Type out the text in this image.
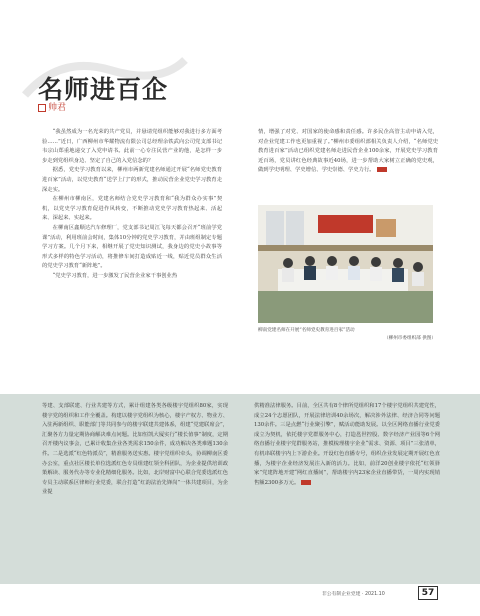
名师进百企
帅君

“我虽然成为一名光荣的共产党员，并悬请党组织能够对我进行多方面考验……”近日，广西柳州市华耀物流有限公司总经理余铁武向公司党支部书记韦宗山郑重地递交了入党申请书。此前一心专注民营产业的他，是怎样一步步走到党组织身边、坚定了自己的入党信念的？

据悉，党史学习教育以来，柳州市两新党建名师通过开展“名师党史教育进百家”活动，以党史教育“送学上门”的形式，推动民营企业党史学习教育走深走实。

在柳州市柳南区，党建名师结合党史学习教育和“我为群众办实事”契机，以党史学习教育促进作风转变，不断推动党史学习教育热起来、活起来、深起来、实起来。

在柳南区鑫顺达汽车修理厂，党支部书记周江飞每天都会召开“班前学党课”活动，利用班前会时间，集体10分钟的党史学习教育，并由班组制定专题学习方案。几个月下来，相继开展了党史知识测试，我身边的党史小故事等形式多样的特色学习活动，将推修车间打造成贴近一线，贴近党员群众生活的党史学习教育“新阵地”。

“党史学习教育，进一步激发了民营企业家干事创业热

情，增强了对党、对国家的使命感和责任感。许多民企高管主动申请入党，对企业党建工作也更加重视了。”柳州市委组织部相关负责人介绍，“名师党史教育进百家”活动已组织党建名师走进民营企业100余家，开展党史学习教育近百场，党员讲红色经典故事近40场，进一步帮助大家树立正确的党史观，做到学史明理、学史增信、学史崇德、学史力行。

柳南党建名师在开展“名师党史教育进百家”活动
（柳州市委组织部 供图）

等建、支部联建、行业共建等方式，累计组建各类各级楼宇党组织80家，实现楼宇党的组织和工作全覆盖。构建以楼宇党组织为核心，楼宇产权方、物业方、入驻两新组织、职能部门等共同参与的楼宇联建共建体系，组建“党建联席会”，汇聚各方力量定期协商解决难点问题。比如恒凯大厦实行“楼长值事”制度，定期召开楼内议事会，已累计收集企业各类需求150余件，成功解决各类难题130余件。二是选派“红色特派员”，精准服务送实惠。楼宇党组织牵头，协调柳南区委办公室，重点社区楼长单位选派红色专员组建红领全科团队，为企业提供培训政策解读、服务代办等专业化精细化服务。比如，北岸财富中心联合党委选派红色专员主动联系区律师行业党委，联合打造“红韵法治先锋岗”一体共建项目，为企业提

供精准法律服务。目前，全区共有8个律所党组织和17个楼宇党组织共建党性，成立24个志愿团队，开展法律培训40余场次，解决涉外法律、经济合同等问题130余件。三是点燃“行业聚引擎”，赋活动能助发展。以全区网络直播行业党委成立为契机，依托楼宇党群服务中心，打造邕世控股、数字经济产业园等6个网络直播行业楼宇党群服务站，推模梳理楼宇企业“需求、资源、项目”三张清单，有机串联楼宇内上下游企业。开设红色直播专号，组织企业发展定期开展红色直播，为楼宇企业经济发展注入新的活力。比如，前洋20创业楼宇依托“红领驿家”党建阵地开建“网红直播间”，帮助楼宇内23家企业直播带货，一周内实现销售额2300多万元。

非公有制企业党建 · 2021.10	57
